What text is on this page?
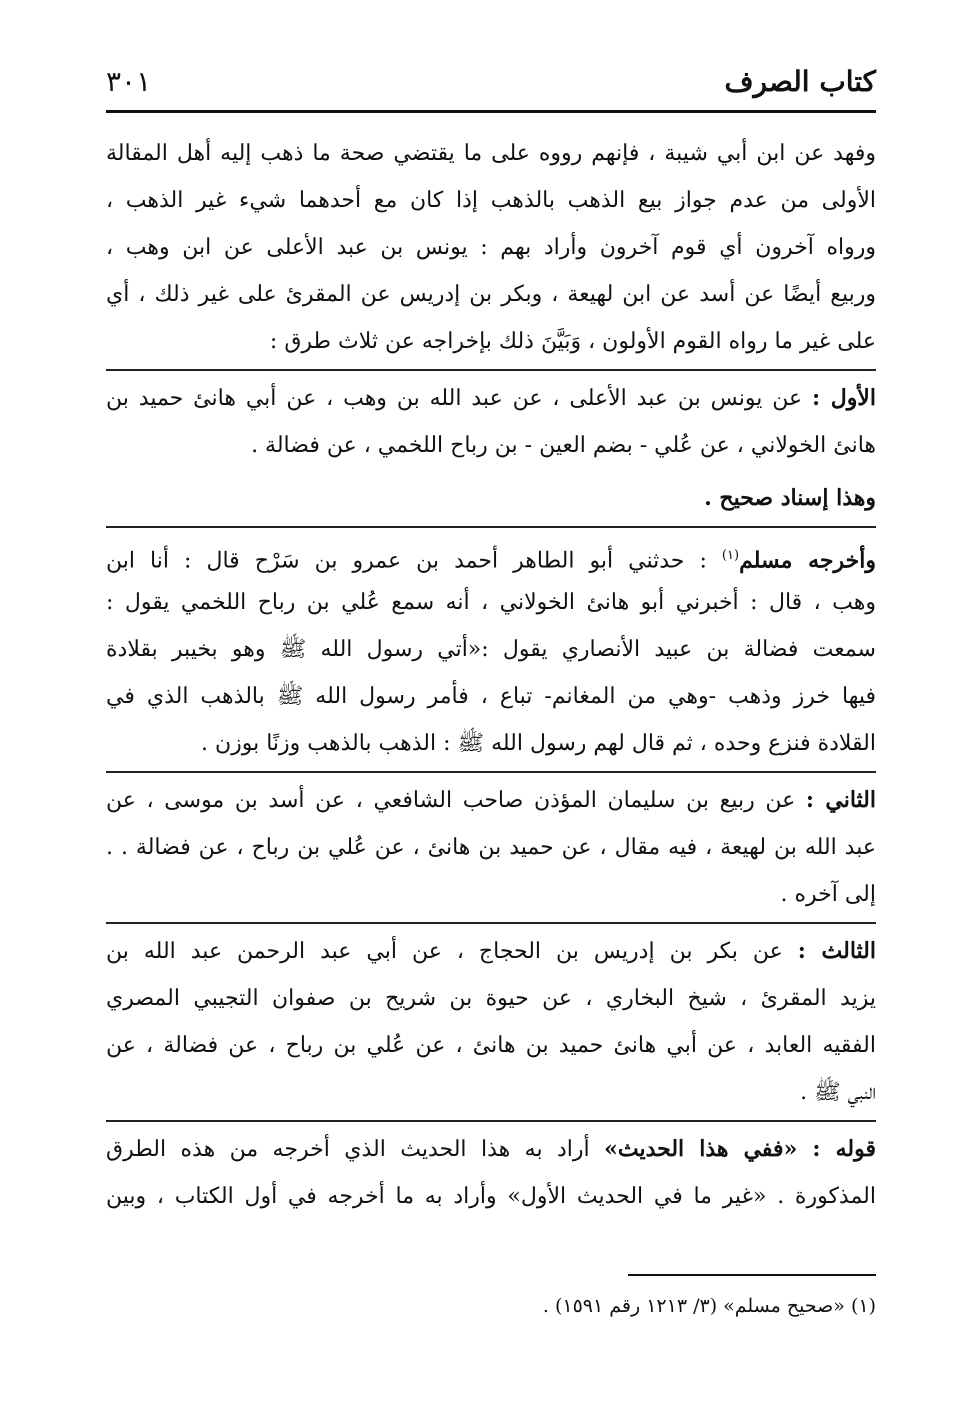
كتاب الصرف
٣٠١
وفهد عن ابن أبي شيبة ، فإنهم رووه على ما يقتضي صحة ما ذهب إليه أهل المقالة
الأولى من عدم جواز بيع الذهب بالذهب إذا كان مع أحدهما شيء غير الذهب ،
ورواه آخرون أي قوم آخرون وأراد بهم : يونس بن عبد الأعلى عن ابن وهب ،
وربيع أيضًا عن أسد عن ابن لهيعة ، وبكر بن إدريس عن المقرئ على غير ذلك ، أي
على غير ما رواه القوم الأولون ، وَبَيَّنَ ذلك بإخراجه عن ثلاث طرق :
الأول : عن يونس بن عبد الأعلى ، عن عبد الله بن وهب ، عن أبي هانئ حميد بن
هانئ الخولاني ، عن عُلي - بضم العين - بن رباح اللخمي ، عن فضالة .
وهذا إسناد صحيح .
وأخرجه مسلم$^{(١)}$ : حدثني أبو الطاهر أحمد بن عمرو بن سَرْح قال : أنا ابن
وهب ، قال : أخبرني أبو هانئ الخولاني ، أنه سمع عُلي بن رباح اللخمي يقول :
سمعت فضالة بن عبيد الأنصاري يقول :«أتي رسول الله ﷺ وهو بخيبر بقلادة
فيها خرز وذهب -وهي من المغانم- تباع ، فأمر رسول الله ﷺ بالذهب الذي في
القلادة فنزع وحده ، ثم قال لهم رسول الله ﷺ : الذهب بالذهب وزنًا بوزن .
الثاني : عن ربيع بن سليمان المؤذن صاحب الشافعي ، عن أسد بن موسى ، عن
عبد الله بن لهيعة ، فيه مقال ، عن حميد بن هانئ ، عن عُلي بن رباح ، عن فضالة . .
إلى آخره .
الثالث : عن بكر بن إدريس بن الحجاج ، عن أبي عبد الرحمن عبد الله بن
يزيد المقرئ ، شيخ البخاري ، عن حيوة بن شريح بن صفوان التجيبي المصري
الفقيه العابد ، عن أبي هانئ حميد بن هانئ ، عن عُلي بن رباح ، عن فضالة ، عن
النبي ﷺ .
قوله : «ففي هذا الحديث» أراد به هذا الحديث الذي أخرجه من هذه الطرق
المذكورة . «غير ما في الحديث الأول» وأراد به ما أخرجه في أول الكتاب ، وبين
(١) «صحيح مسلم» (٣/ ١٢١٣ رقم ١٥٩١) .
